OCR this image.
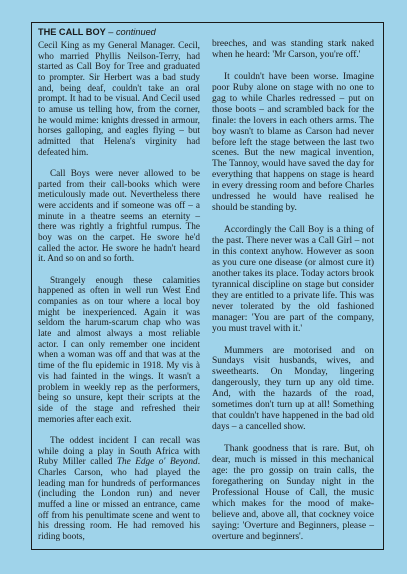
THE CALL BOY – continued

Cecil King as my General Manager. Cecil, who married Phyllis Neilson-Terry, had started as Call Boy for Tree and graduated to prompter. Sir Herbert was a bad study and, being deaf, couldn't take an oral prompt. It had to be visual. And Cecil used to amuse us telling how, from the corner, he would mime: knights dressed in armour, horses galloping, and eagles flying – but admitted that Helena's virginity had defeated him.

Call Boys were never allowed to be parted from their call-books which were meticulously made out. Nevertheless there were accidents and if someone was off – a minute in a theatre seems an eternity – there was rightly a frightful rumpus. The boy was on the carpet. He swore he'd called the actor. He swore he hadn't heard it. And so on and so forth.

Strangely enough these calamities happened as often in well run West End companies as on tour where a local boy might be inexperienced. Again it was seldom the harum-scarum chap who was late and almost always a most reliable actor. I can only remember one incident when a woman was off and that was at the time of the flu epidemic in 1918. My vis à vis had fainted in the wings. It wasn't a problem in weekly rep as the performers, being so unsure, kept their scripts at the side of the stage and refreshed their memories after each exit.

The oddest incident I can recall was while doing a play in South Africa with Ruby Miller called The Edge o' Beyond. Charles Carson, who had played the leading man for hundreds of performances (including the London run) and never muffed a line or missed an entrance, came off from his penultimate scene and went to his dressing room. He had removed his riding boots,

breeches, and was standing stark naked when he heard: 'Mr Carson, you're off.'

It couldn't have been worse. Imagine poor Ruby alone on stage with no one to gag to while Charles redressed – put on those boots – and scrambled back for the finale: the lovers in each others arms. The boy wasn't to blame as Carson had never before left the stage between the last two scenes. But the new magical invention, The Tannoy, would have saved the day for everything that happens on stage is heard in every dressing room and before Charles undressed he would have realised he should be standing by.

Accordingly the Call Boy is a thing of the past. There never was a Call Girl – not in this context anyhow. However as soon as you cure one disease (or almost cure it) another takes its place. Today actors brook tyrannical discipline on stage but consider they are entitled to a private life. This was never tolerated by the old fashioned manager: 'You are part of the company, you must travel with it.'

Mummers are motorised and on Sundays visit husbands, wives, and sweethearts. On Monday, lingering dangerously, they turn up any old time. And, with the hazards of the road, sometimes don't turn up at all! Something that couldn't have happened in the bad old days – a cancelled show.

Thank goodness that is rare. But, oh dear, much is missed in this mechanical age: the pro gossip on train calls, the foregathering on Sunday night in the Professional House of Call, the music which makes for the mood of make-believe and, above all, that cockney voice saying: 'Overture and Beginners, please – overture and beginners'.
